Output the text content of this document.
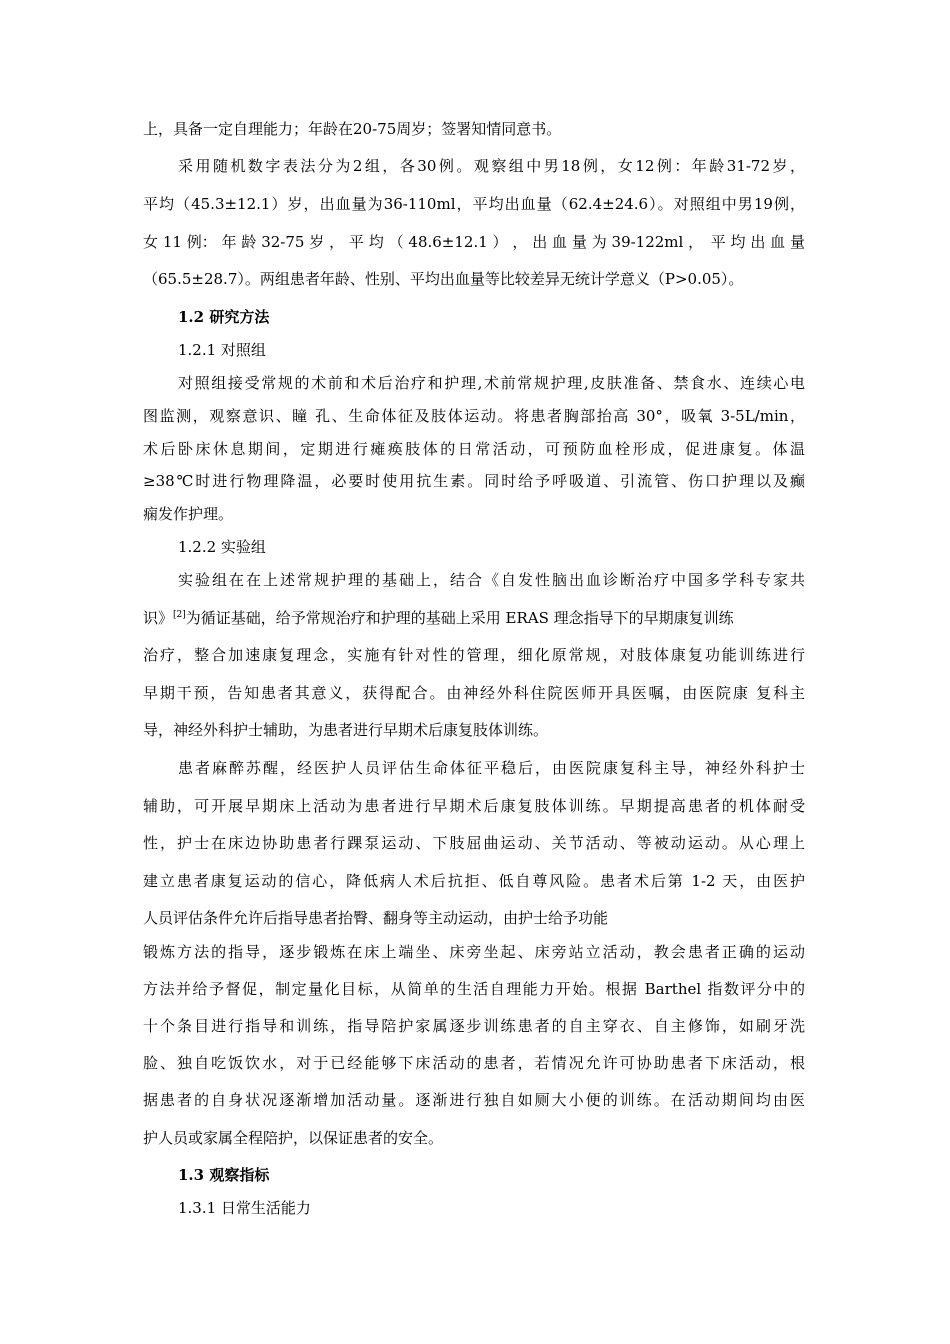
上，具备一定自理能力；年龄在20-75周岁；签署知情同意书。
采用随机数字表法分为2组，各30例。观察组中男18例，女12例：年龄31-72岁，
平均（45.3±12.1）岁，出血量为36-110ml，平均出血量（62.4±24.6）。对照组中男19例，
女 11 例： 年 龄 32-75 岁 ， 平 均 （ 48.6±12.1 ） ， 出 血 量 为 39-122ml ，　平 均 出 血 量
（65.5±28.7）。两组患者年龄、性别、平均出血量等比较差异无统计学意义（P>0.05）。
1.2 研究方法
1.2.1 对照组
对照组接受常规的术前和术后治疗和护理,术前常规护理,皮肤准备、禁食水、连续心电
图监测，观察意识、瞳 孔、生命体征及肢体运动。将患者胸部抬高 30°，吸氧 3-5L/min，
术后卧床休息期间，定期进行瘫痪肢体的日常活动，可预防血栓形成，促进康复。体温
≥38℃时进行物理降温，必要时使用抗生素。同时给予呼吸道、引流管、伤口护理以及癫
痫发作护理。
1.2.2 实验组
实验组在在上述常规护理的基础上，结合《自发性脑出血诊断治疗中国多学科专家共
识》[2]为循证基础，给予常规治疗和护理的基础上采用 ERAS 理念指导下的早期康复训练
治疗，整合加速康复理念，实施有针对性的管理，细化原常规，对肢体康复功能训练进行
早期干预，告知患者其意义，获得配合。由神经外科住院医师开具医嘱，由医院康 复科主
导，神经外科护士辅助，为患者进行早期术后康复肢体训练。
患者麻醉苏醒，经医护人员评估生命体征平稳后，由医院康复科主导，神经外科护士
辅助，可开展早期床上活动为患者进行早期术后康复肢体训练。早期提高患者的机体耐受
性，护士在床边协助患者行踝泵运动、下肢屈曲运动、关节活动、等被动运动。从心理上
建立患者康复运动的信心，降低病人术后抗拒、低自尊风险。患者术后第 1-2 天，由医护
人员评估条件允许后指导患者抬臀、翻身等主动运动，由护士给予功能
锻炼方法的指导，逐步锻炼在床上端坐、床旁坐起、床旁站立活动，教会患者正确的运动
方法并给予督促，制定量化目标，从简单的生活自理能力开始。根据 Barthel 指数评分中的
十个条目进行指导和训练，指导陪护家属逐步训练患者的自主穿衣、自主修饰，如刷牙洗
脸、独自吃饭饮水，对于已经能够下床活动的患者，若情况允许可协助患者下床活动，根
据患者的自身状况逐渐增加活动量。逐渐进行独自如厕大小便的训练。在活动期间均由医
护人员或家属全程陪护，以保证患者的安全。
1.3 观察指标
1.3.1 日常生活能力
